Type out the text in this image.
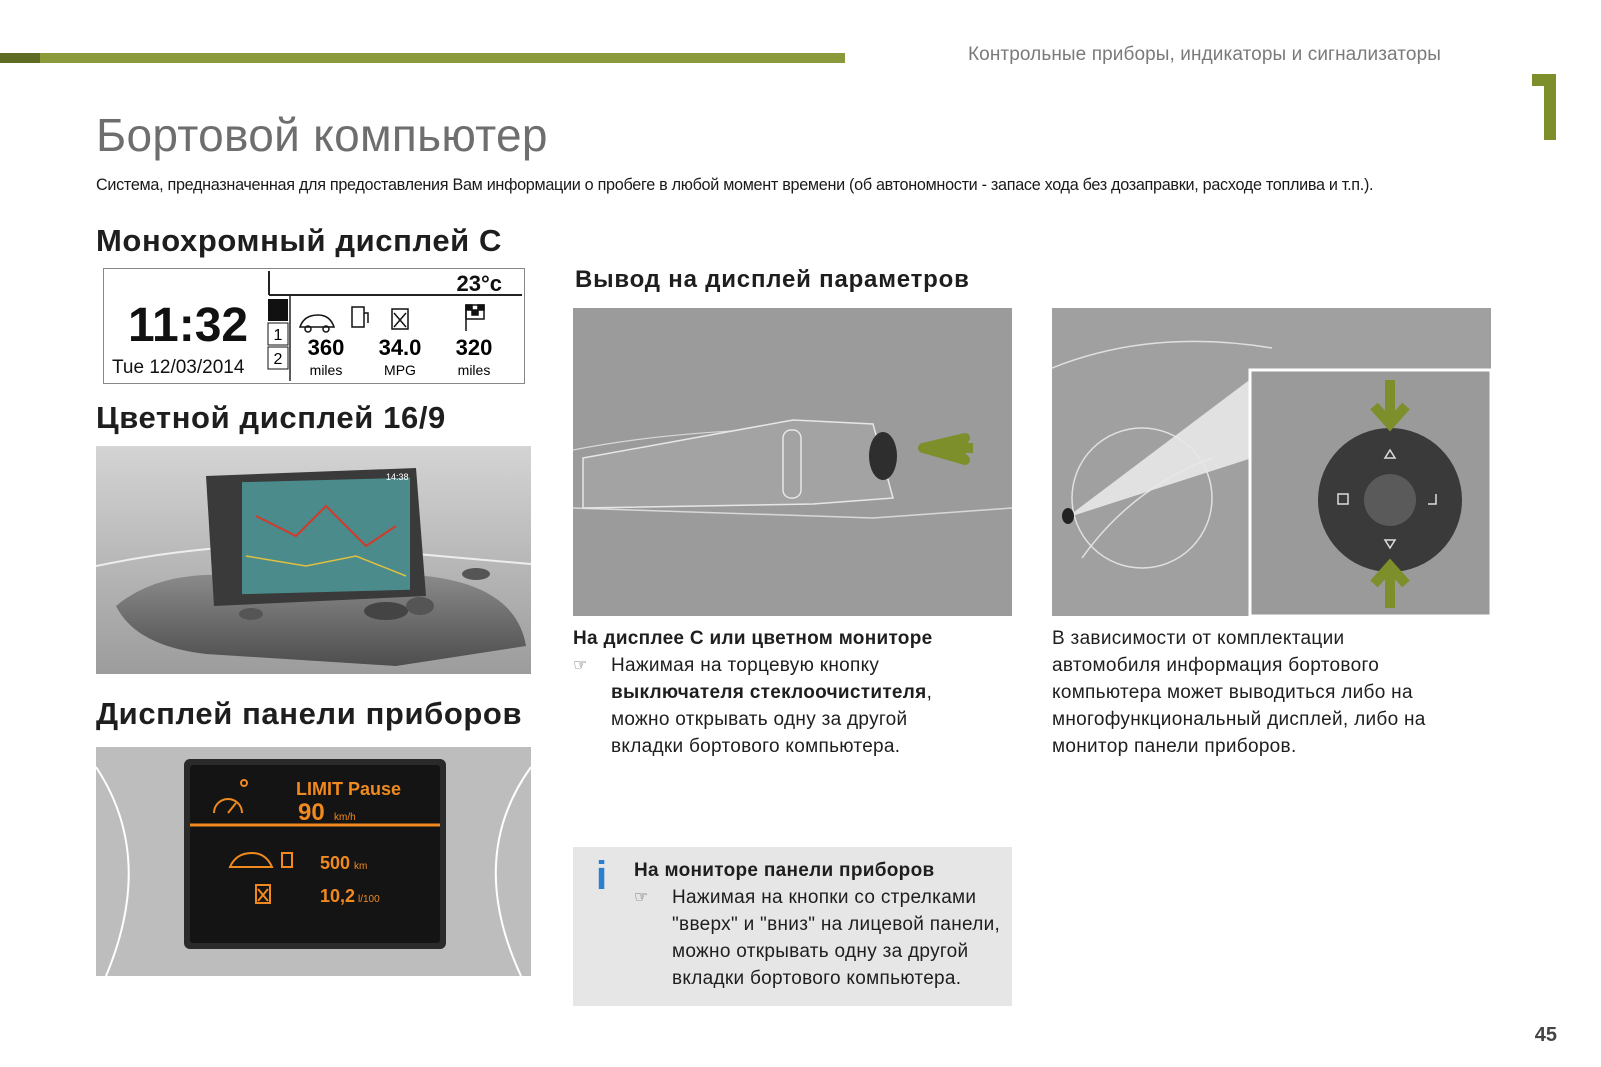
Контрольные приборы, индикаторы и сигнализаторы
Бортовой компьютер
Система, предназначенная для предоставления Вам информации о пробеге в любой момент времени (об автономности - запасе хода без дозаправки, расходе топлива и т.п.).
Монохромный дисплей С
23°c
11:32
Tue 12/03/2014
1
2 360 34.0 320
miles	MPG	miles
Цветной дисплей 16/9
14:38
Дисплей панели приборов
LIMIT Pause
90 km/h
500 km
10,2 l/100
Вывод на дисплей параметров
На дисплее С или цветном мониторе
☞ Нажимая на торцевую кнопку
выключателя стеклоочистителя,
можно открывать одну за другой
вкладки бортового компьютера.
В зависимости от комплектации
автомобиля информация бортового
компьютера может выводиться либо на
многофункциональный дисплей, либо на
монитор панели приборов.
i На мониторе панели приборов
☞ Нажимая на кнопки со стрелками
"вверх" и "вниз" на лицевой панели,
можно открывать одну за другой
вкладки бортового компьютера.
45
